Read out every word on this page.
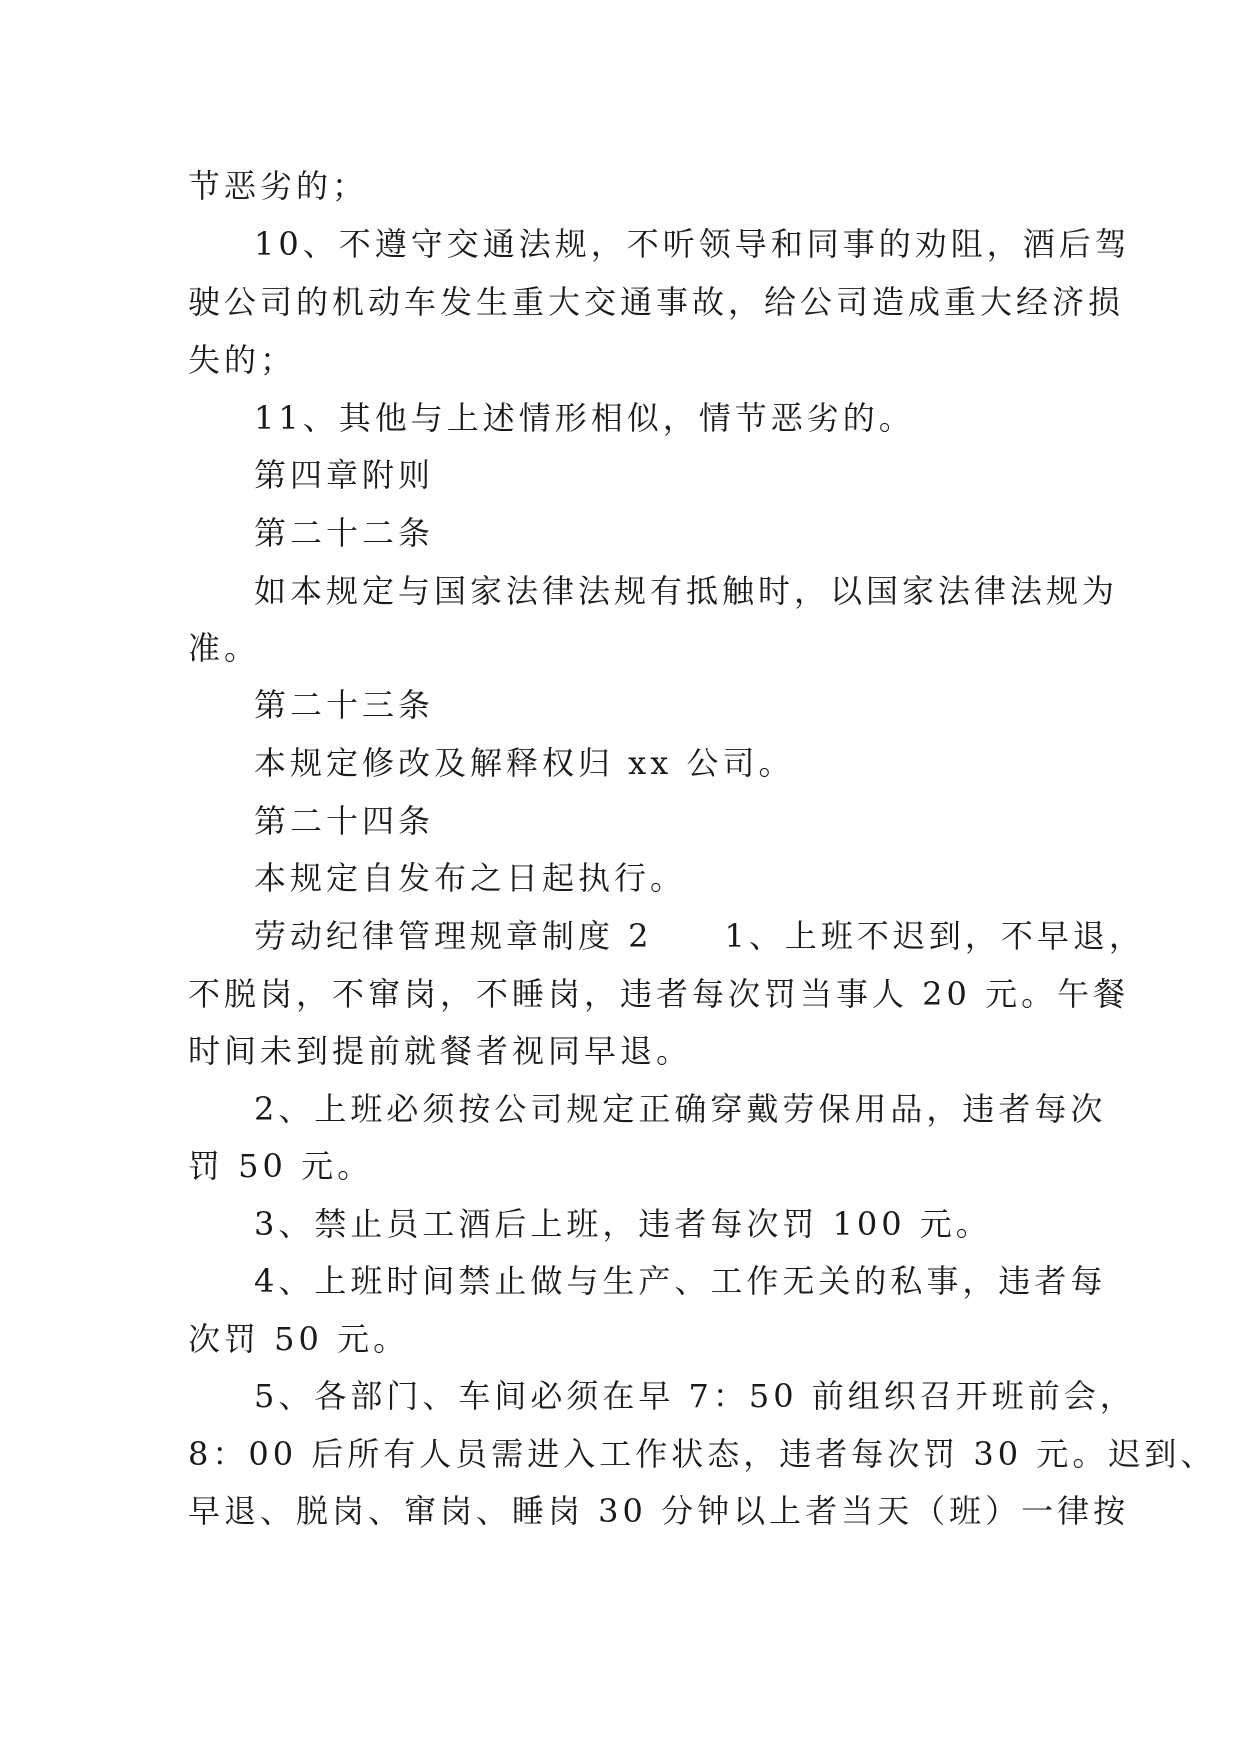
节恶劣的；
10、不遵守交通法规，不听领导和同事的劝阻，酒后驾
驶公司的机动车发生重大交通事故，给公司造成重大经济损
失的；
11、其他与上述情形相似，情节恶劣的。
第四章附则
第二十二条
如本规定与国家法律法规有抵触时，以国家法律法规为
准。
第二十三条
本规定修改及解释权归 xx 公司。
第二十四条
本规定自发布之日起执行。
劳动纪律管理规章制度 2　　1、上班不迟到，不早退，
不脱岗，不窜岗，不睡岗，违者每次罚当事人 20 元。午餐
时间未到提前就餐者视同早退。
2、上班必须按公司规定正确穿戴劳保用品，违者每次
罚 50 元。
3、禁止员工酒后上班，违者每次罚 100 元。
4、上班时间禁止做与生产、工作无关的私事，违者每
次罚 50 元。
5、各部门、车间必须在早 7：50 前组织召开班前会，
8：00 后所有人员需进入工作状态，违者每次罚 30 元。迟到、
早退、脱岗、窜岗、睡岗 30 分钟以上者当天（班）一律按
